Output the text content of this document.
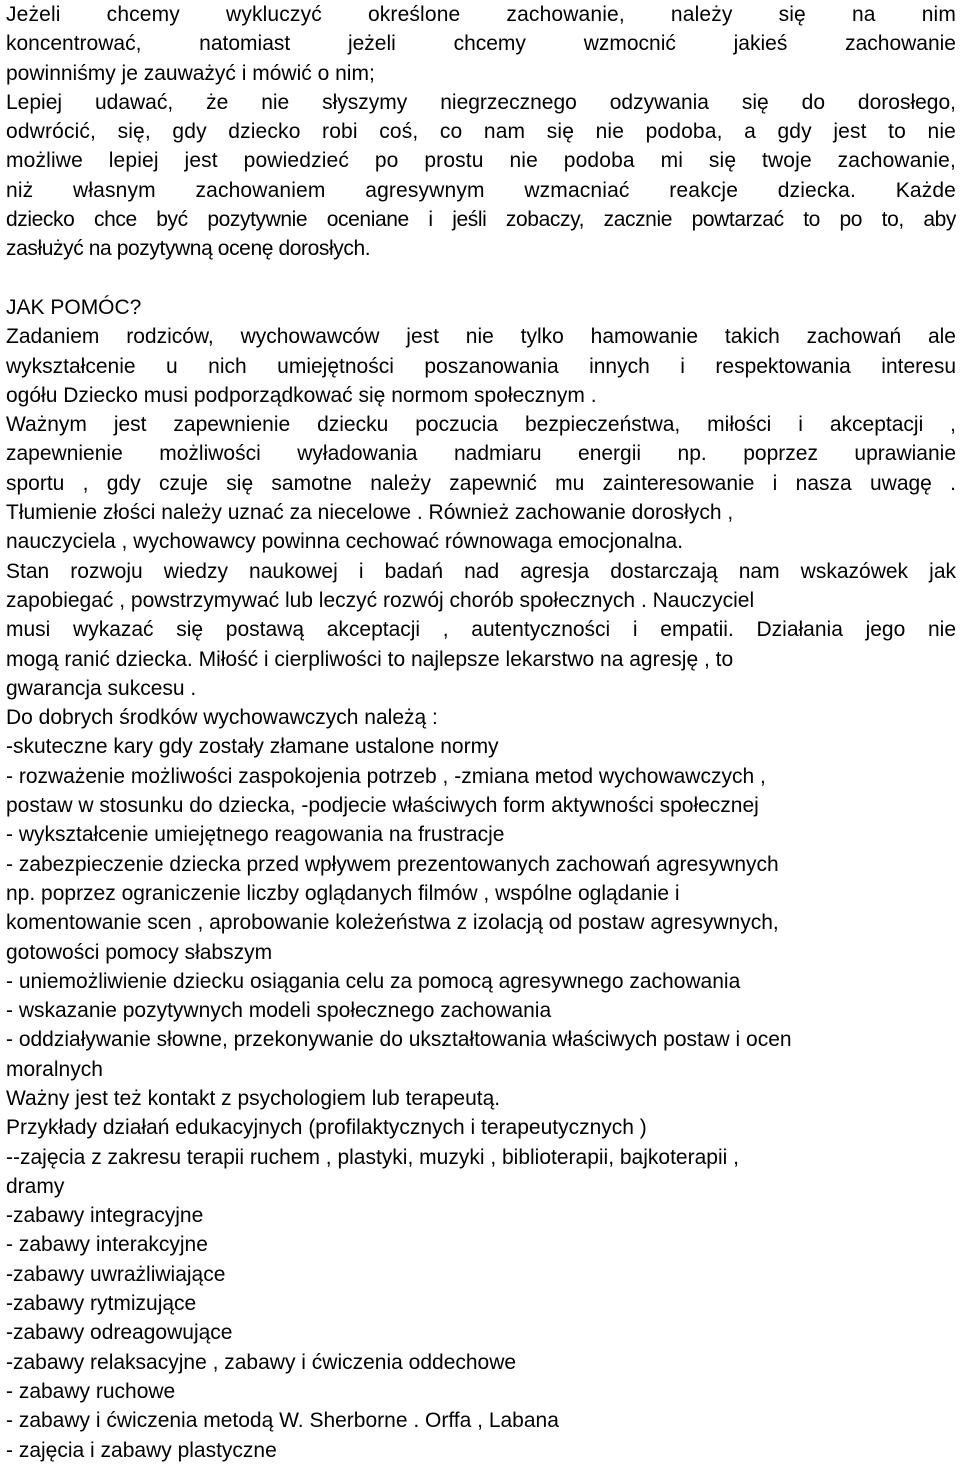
Jeżeli chcemy wykluczyć określone zachowanie, należy się na nim
koncentrować, natomiast jeżeli chcemy wzmocnić jakieś zachowanie
powinniśmy je zauważyć i mówić o nim;
Lepiej udawać, że nie słyszymy niegrzecznego odzywania się do dorosłego,
odwrócić, się, gdy dziecko robi coś, co nam się nie podoba, a gdy jest to nie
możliwe lepiej jest powiedzieć po prostu nie podoba mi się twoje zachowanie,
niż własnym zachowaniem agresywnym wzmacniać reakcje dziecka. Każde
dziecko chce być pozytywnie oceniane i jeśli zobaczy, zacznie powtarzać to po to, aby
zasłużyć na pozytywną ocenę dorosłych.
JAK POMÓC?
Zadaniem rodziców, wychowawców jest nie tylko hamowanie takich zachowań ale
wykształcenie u nich umiejętności poszanowania innych i respektowania interesu
ogółu Dziecko musi podporządkować się normom społecznym .
Ważnym jest zapewnienie dziecku poczucia bezpieczeństwa, miłości i akceptacji ,
zapewnienie możliwości wyładowania nadmiaru energii np. poprzez uprawianie
sportu , gdy czuje się samotne należy zapewnić mu zainteresowanie i nasza uwagę .
Tłumienie złości należy uznać za niecelowe . Również zachowanie dorosłych ,
nauczyciela , wychowawcy powinna cechować równowaga emocjonalna.
Stan rozwoju wiedzy naukowej i badań nad agresja dostarczają nam wskazówek jak
zapobiegać , powstrzymywać lub leczyć rozwój chorób społecznych . Nauczyciel
musi wykazać się postawą akceptacji , autentyczności i empatii. Działania jego nie
mogą ranić dziecka. Miłość i cierpliwości to najlepsze lekarstwo na agresję , to
gwarancja sukcesu .
Do dobrych środków wychowawczych należą :
-skuteczne kary gdy zostały złamane ustalone normy
- rozważenie możliwości zaspokojenia potrzeb , -zmiana metod wychowawczych ,
postaw w stosunku do dziecka, -podjecie właściwych form aktywności społecznej
- wykształcenie umiejętnego reagowania na frustracje
- zabezpieczenie dziecka przed wpływem prezentowanych zachowań agresywnych
np. poprzez ograniczenie liczby oglądanych filmów , wspólne oglądanie i
komentowanie scen , aprobowanie koleżeństwa z izolacją od postaw agresywnych,
gotowości pomocy słabszym
- uniemożliwienie dziecku osiągania celu za pomocą agresywnego zachowania
- wskazanie pozytywnych modeli społecznego zachowania
- oddziaływanie słowne, przekonywanie do ukształtowania właściwych postaw i ocen
moralnych
Ważny jest też kontakt z psychologiem lub terapeutą.
Przykłady działań edukacyjnych (profilaktycznych i terapeutycznych )
--zajęcia z zakresu terapii ruchem , plastyki, muzyki , biblioterapii, bajkoterapii ,
dramy
-zabawy integracyjne
- zabawy interakcyjne
-zabawy uwrażliwiające
-zabawy rytmizujące
-zabawy odreagowujące
-zabawy relaksacyjne , zabawy i ćwiczenia oddechowe
- zabawy ruchowe
- zabawy i ćwiczenia metodą W. Sherborne . Orffa , Labana
- zajęcia i zabawy plastyczne
